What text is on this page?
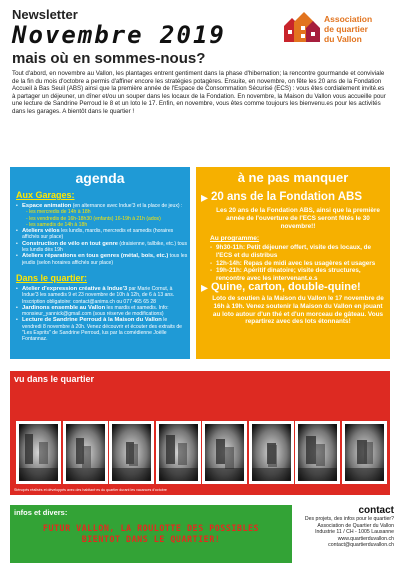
Newsletter
Novembre 2019
mais où en sommes-nous?
Association
de quartier
du Vallon
Tout d'abord, en novembre au Vallon, les plantages entrent gentiment dans la phase d'hibernation; la rencontre gourmande et conviviale de la fin du mois d'octobre a permis d'affiner encore les stratégies potagères. Ensuite, en novembre, on fête les 20 ans de la Fondation Accueil à Bas Seuil (ABS) ainsi que la première année de l'Espace de Consommation Sécurisé (ECS) : vous êtes cordialement invité.es à partager un déjeuner, un dîner et/ou un souper dans les locaux de la Fondation. En novembre, la Maison du Vallon vous accueille pour une lecture de Sandrine Perroud le 8 et un loto le 17. Enfin, en novembre, vous êtes comme toujours les bienvenu.es pour les activités dans les garages. A bientôt dans le quartier !
agenda
Aux Garages:
• Espace animation (en alternance avec Indue'3 et la place de jeux) :
- les mercredis de 14h à 18h
- les vendredis de 16h-18h30 (enfants) 16-19h à 21h (ados)
- les samedis de 14h à 18h
• Ateliers vélos les lundis, mardis, mercredis et samedis (horaires affichés sur place)
• Construction de vélo en tout genre (draisienne, tallbike, etc.) tous les lundis dès 19h
• Ateliers réparations en tous genres (métal, bois, etc.) tous les jeudis (selon horaires affichés sur place)
Dans le quartier:
• Atelier d'expression créative à Indue'3 par Marie Cornut, à Indue'3 les samedis 9 et 23 novembre de 10h à 12h, de 6 à 13 ans. Inscription obligatoire: contact@anims.ch ou 077 465 65 28
• Jardinons ensemble au Vallon les mardis et samedis. Info: monsieur_yannick@gmail.com (sous réserve de modifications)
• Lecture de Sandrine Perroud à la Maison du Vallon le vendredi 8 novembre à 20h. Venez découvrir et écouter des extraits de "Les Esprits" de Sandrine Perroud, lus par la comédienne Joëlle Fontannaz.
à ne pas manquer
▸ 20 ans de la Fondation ABS
Les 20 ans de la Fondation ABS, ainsi que la première année de l'ouverture de l'ECS seront fêtés le 30 novembre!!
Au programme:
- 9h30-11h: Petit déjeuner offert, visite des locaux, de l'ECS et du distribus
- 12h-14h: Repas de midi avec les usagères et usagers
- 19h-21h: Apéritif dinatoire; visite des structures, rencontre avec les intervenant.e.s
▸ Quine, carton, double-quine!
Loto de soutien à la Maison du Vallon le 17 novembre de 16h à 19h. Venez soutenir la Maison du Vallon en jouant au loto autour d'un thé et d'un morceau de gâteau. Vous repartirez avec des lots étonnants!
vu dans le quartier
Sténopés réalisés et développés avec des habitant·es du quartier durant les vacances d'octobre
infos et divers:
FUTUR VALLON, LA ROULOTTE DES POSSIBLES
BIENTOT DANS LE QUARTIER!
contact
Des projets, des infos pour le quartier?
Association de Quartier du Vallon
Industrie 11 / CH - 1005 Lausanne
www.quartierduvallon.ch
contact@quartierduvallon.ch
